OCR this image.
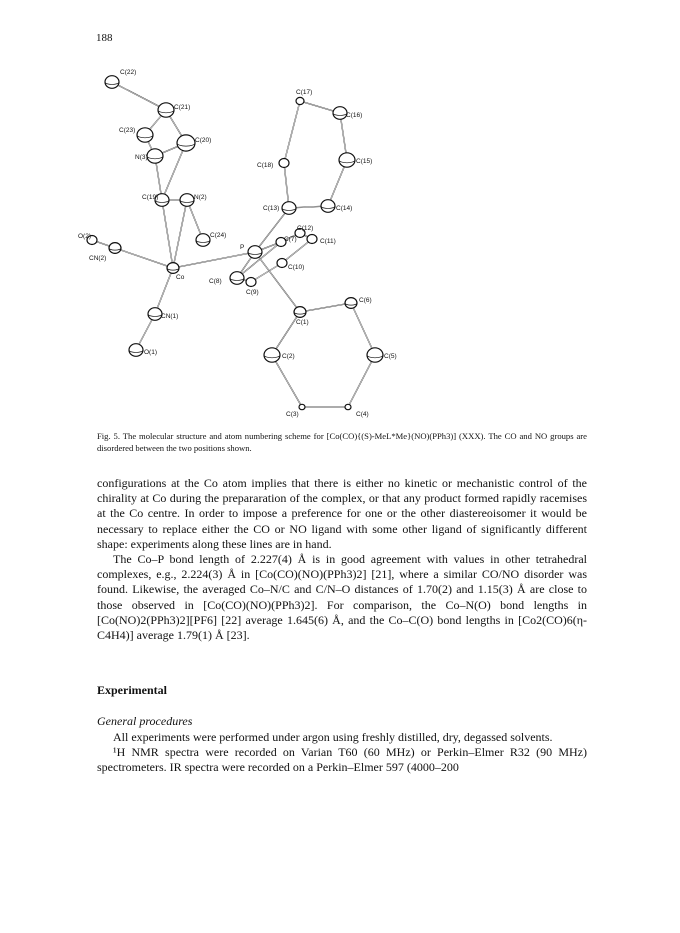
188
C(22)
C(21)
C(23)
C(20)
N(3)
C(19)	N(2)
C(24)
O(2)
CN(2)
Co
CN(1)
O(1)
C(17)
C(16)
C(18)
C(15)
C(13)	C(14)
C(12)
C(11)
C(7)
P
C(10)
C(8)
C(9)
C(6)
C(1)
C(2)	C(5)
C(3)	C(4)
Fig. 5. The molecular structure and atom numbering scheme for [Co(CO){(S)-MeL*Me}(NO)(PPh3)] (XXX). The CO and NO groups are disordered between the two positions shown.

configurations at the Co atom implies that there is either no kinetic or mechanistic control of the chirality at Co during the prepararation of the complex, or that any product formed rapidly racemises at the Co centre. In order to impose a preference for one or the other diastereoisomer it would be necessary to replace either the CO or NO ligand with some other ligand of significantly different shape: experiments along these lines are in hand.

The Co–P bond length of 2.227(4) Å is in good agreement with values in other tetrahedral complexes, e.g., 2.224(3) Å in [Co(CO)(NO)(PPh3)2] [21], where a similar CO/NO disorder was found. Likewise, the averaged Co–N/C and C/N–O distances of 1.70(2) and 1.15(3) Å are close to those observed in [Co(CO)(NO)(PPh3)2]. For comparison, the Co–N(O) bond lengths in [Co(NO)2(PPh3)2][PF6] [22] average 1.645(6) Å, and the Co–C(O) bond lengths in [Co2(CO)6(η-C4H4)] average 1.79(1) Å [23].

Experimental
General procedures

All experiments were performed under argon using freshly distilled, dry, degassed solvents.

¹H NMR spectra were recorded on Varian T60 (60 MHz) or Perkin–Elmer R32 (90 MHz) spectrometers. IR spectra were recorded on a Perkin–Elmer 597 (4000–200
